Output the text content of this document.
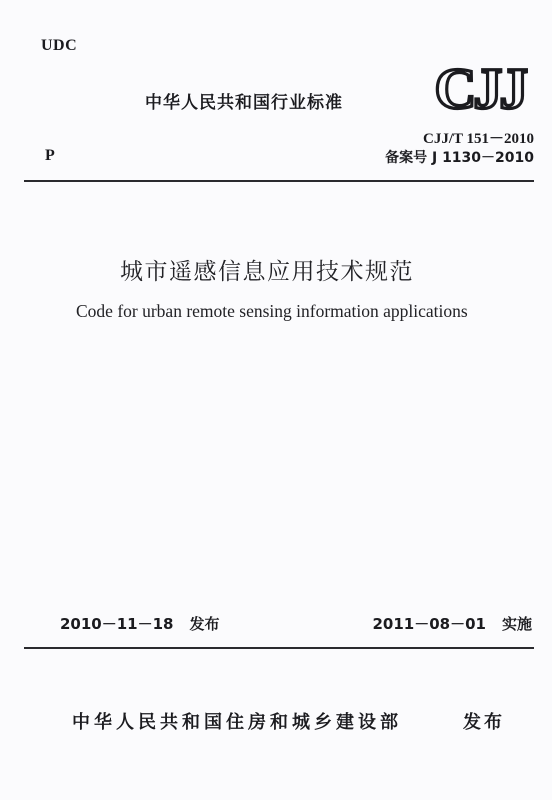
UDC
中华人民共和国行业标准 CJJ
P
CJJ/T 151－2010
备案号 J 1130－2010
城市遥感信息应用技术规范
Code for urban remote sensing information applications
2010－11－18 发布	2011－08－01 实施
中华人民共和国住房和城乡建设部	发布
